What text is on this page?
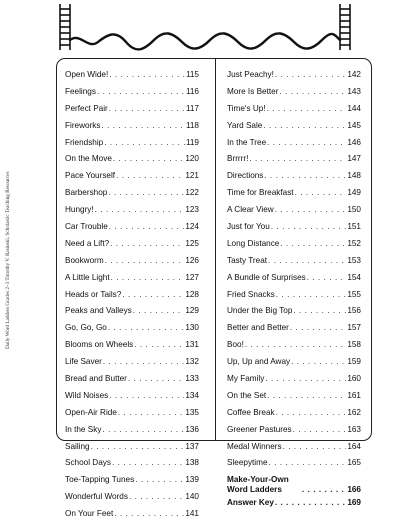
Daily Word Ladders Grades 2–3 Timothy V. Rasinski, Scholastic Teaching Resources
Open Wide! . . .	115
Feelings . . .	116
Perfect Pair . . .	117
Fireworks . . .	118
Friendship . . .	119
On the Move . . .	120
Pace Yourself . . .	121
Barbershop . . .	122
Hungry! . . .	123
Car Trouble . . .	124
Need a Lift? . . .	125
Bookworm . . .	126
A Little Light . . .	127
Heads or Tails? . . .	128
Peaks and Valleys . . .	129
Go, Go, Go . . .	130
Blooms on Wheels . . .	131
Life Saver . . .	132
Bread and Butter . . .	133
Wild Noises . . .	134
Open-Air Ride . . .	135
In the Sky . . .	136
Sailing . . .	137
School Days . . .	138
Toe-Tapping Tunes . . .	139
Wonderful Words . . .	140
On Your Feet . . .	141
Just Peachy! . . .	142
More Is Better . . .	143
Time's Up! . . .	144
Yard Sale . . .	145
In the Tree . . .	146
Brrrrr! . . .	147
Directions . . .	148
Time for Breakfast . . .	149
A Clear View . . .	150
Just for You . . .	151
Long Distance . . .	152
Tasty Treat . . .	153
A Bundle of Surprises . . .	154
Fried Snacks . . .	155
Under the Big Top . . .	156
Better and Better . . .	157
Boo! . . .	158
Up, Up and Away . . .	159
My Family . . .	160
On the Set . . .	161
Coffee Break . . .	162
Greener Pastures . . .	163
Medal Winners . . .	164
Sleepytime . . .	165
Make-Your-Own Word Ladders . . .	166
Answer Key . . .	169
